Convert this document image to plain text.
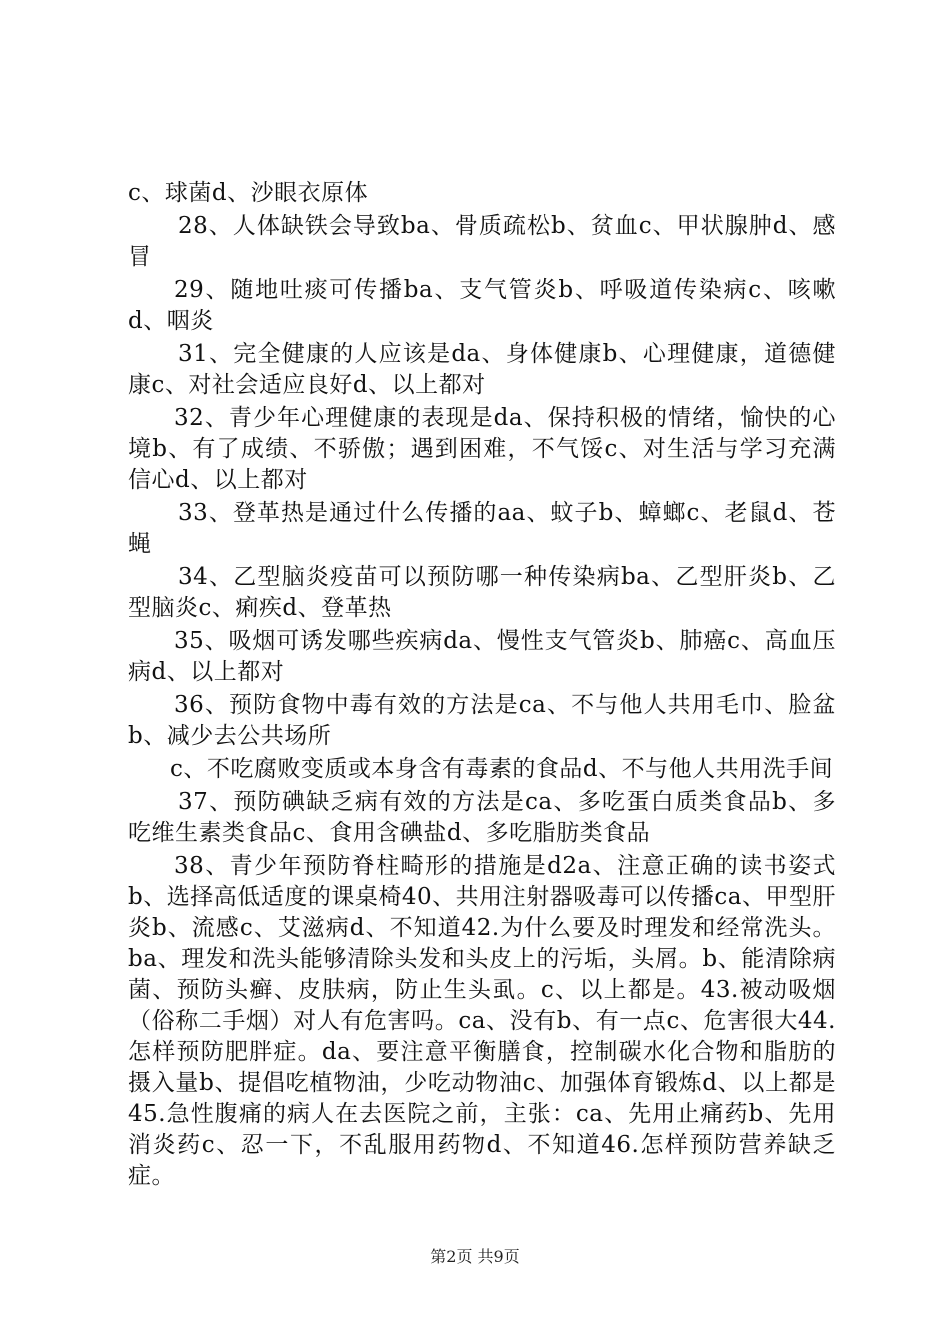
c、球菌d、沙眼衣原体

28、人体缺铁会导致ba、骨质疏松b、贫血c、甲状腺肿d、感冒

29、随地吐痰可传播ba、支气管炎b、呼吸道传染病c、咳嗽d、咽炎

31、完全健康的人应该是da、身体健康b、心理健康，道德健康c、对社会适应良好d、以上都对

32、青少年心理健康的表现是da、保持积极的情绪，愉快的心境b、有了成绩、不骄傲；遇到困难，不气馁c、对生活与学习充满信心d、以上都对

33、登革热是通过什么传播的aa、蚊子b、蟑螂c、老鼠d、苍蝇

34、乙型脑炎疫苗可以预防哪一种传染病ba、乙型肝炎b、乙型脑炎c、痢疾d、登革热

35、吸烟可诱发哪些疾病da、慢性支气管炎b、肺癌c、高血压病d、以上都对

36、预防食物中毒有效的方法是ca、不与他人共用毛巾、脸盆b、减少去公共场所

c、不吃腐败变质或本身含有毒素的食品d、不与他人共用洗手间

37、预防碘缺乏病有效的方法是ca、多吃蛋白质类食品b、多吃维生素类食品c、食用含碘盐d、多吃脂肪类食品

38、青少年预防脊柱畸形的措施是d2a、注意正确的读书姿式b、选择高低适度的课桌椅40、共用注射器吸毒可以传播ca、甲型肝炎b、流感c、艾滋病d、不知道42.为什么要及时理发和经常洗头。ba、理发和洗头能够清除头发和头皮上的污垢，头屑。b、能清除病菌、预防头癣、皮肤病，防止生头虱。c、以上都是。43.被动吸烟（俗称二手烟）对人有危害吗。ca、没有b、有一点c、危害很大44.怎样预防肥胖症。da、要注意平衡膳食，控制碳水化合物和脂肪的摄入量b、提倡吃植物油，少吃动物油c、加强体育锻炼d、以上都是45.急性腹痛的病人在去医院之前，主张：ca、先用止痛药b、先用消炎药c、忍一下，不乱服用药物d、不知道46.怎样预防营养缺乏症。

第2页 共9页
